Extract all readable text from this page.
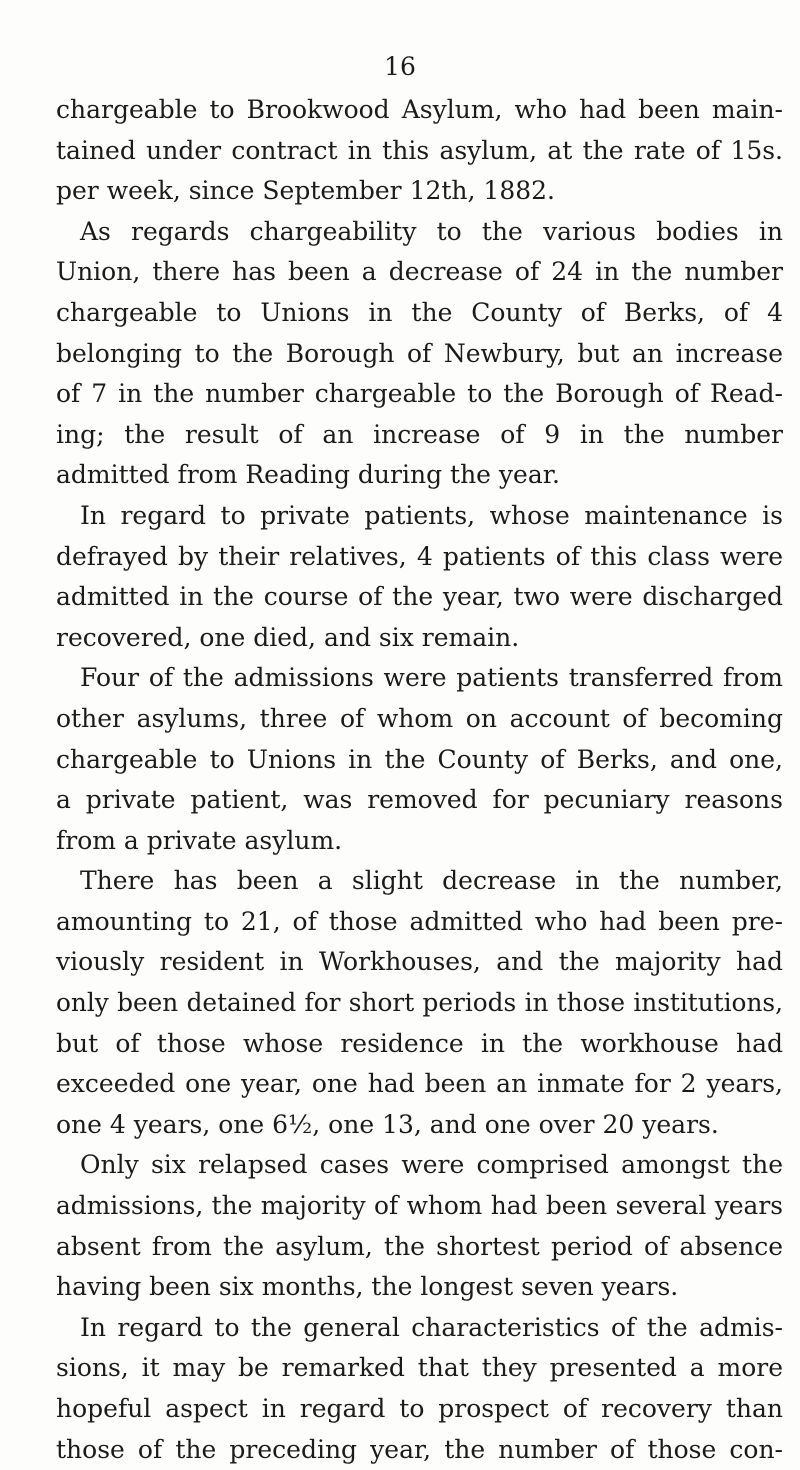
16
chargeable to Brookwood Asylum, who had been main-
tained under contract in this asylum, at the rate of 15s.
per week, since September 12th, 1882.
As regards chargeability to the various bodies in
Union, there has been a decrease of 24 in the number
chargeable to Unions in the County of Berks, of 4
belonging to the Borough of Newbury, but an increase
of 7 in the number chargeable to the Borough of Read-
ing; the result of an increase of 9 in the number
admitted from Reading during the year.
In regard to private patients, whose maintenance is
defrayed by their relatives, 4 patients of this class were
admitted in the course of the year, two were discharged
recovered, one died, and six remain.
Four of the admissions were patients transferred from
other asylums, three of whom on account of becoming
chargeable to Unions in the County of Berks, and one,
a private patient, was removed for pecuniary reasons
from a private asylum.
There has been a slight decrease in the number,
amounting to 21, of those admitted who had been pre-
viously resident in Workhouses, and the majority had
only been detained for short periods in those institutions,
but of those whose residence in the workhouse had
exceeded one year, one had been an inmate for 2 years,
one 4 years, one 6½, one 13, and one over 20 years.
Only six relapsed cases were comprised amongst the
admissions, the majority of whom had been several years
absent from the asylum, the shortest period of absence
having been six months, the longest seven years.
In regard to the general characteristics of the admis-
sions, it may be remarked that they presented a more
hopeful aspect in regard to prospect of recovery than
those of the preceding year, the number of those con-
